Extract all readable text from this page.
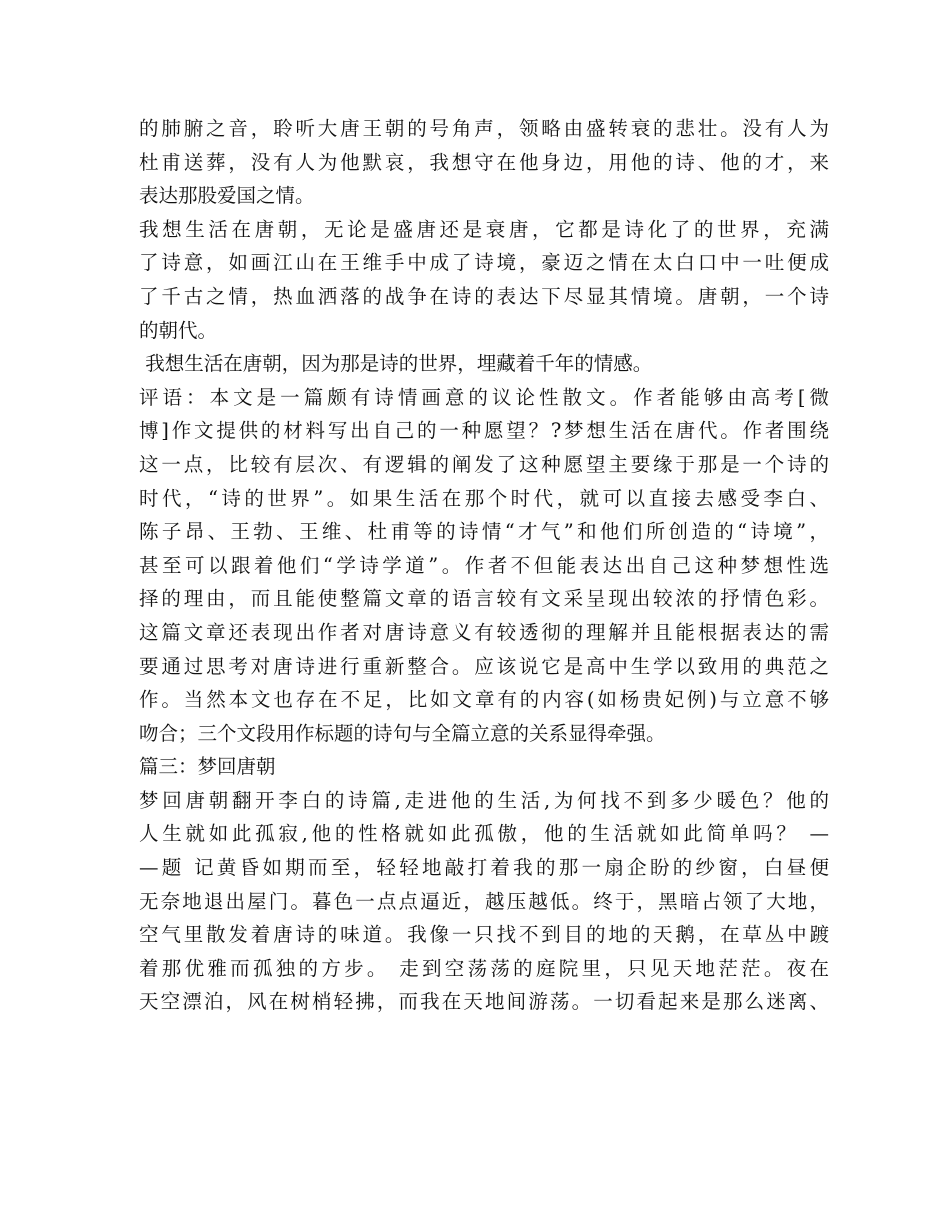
的肺腑之音，聆听大唐王朝的号角声，领略由盛转衰的悲壮。没有人为
杜甫送葬，没有人为他默哀，我想守在他身边，用他的诗、他的才，来
表达那股爱国之情。
我想生活在唐朝，无论是盛唐还是衰唐，它都是诗化了的世界，充满
了诗意，如画江山在王维手中成了诗境，豪迈之情在太白口中一吐便成
了千古之情，热血洒落的战争在诗的表达下尽显其情境。唐朝，一个诗
的朝代。
我想生活在唐朝，因为那是诗的世界，埋藏着千年的情感。
评语：本文是一篇颇有诗情画意的议论性散文。作者能够由高考[微
博]作文提供的材料写出自己的一种愿望？?梦想生活在唐代。作者围绕
这一点，比较有层次、有逻辑的阐发了这种愿望主要缘于那是一个诗的
时代，“诗的世界”。如果生活在那个时代，就可以直接去感受李白、
陈子昂、王勃、王维、杜甫等的诗情“才气”和他们所创造的“诗境”，
甚至可以跟着他们“学诗学道”。作者不但能表达出自己这种梦想性选
择的理由，而且能使整篇文章的语言较有文采呈现出较浓的抒情色彩。
这篇文章还表现出作者对唐诗意义有较透彻的理解并且能根据表达的需
要通过思考对唐诗进行重新整合。应该说它是高中生学以致用的典范之
作。当然本文也存在不足，比如文章有的内容(如杨贵妃例)与立意不够
吻合；三个文段用作标题的诗句与全篇立意的关系显得牵强。
篇三：梦回唐朝
梦回唐朝翻开李白的诗篇,走进他的生活,为何找不到多少暖色？他的
人生就如此孤寂,他的性格就如此孤傲，他的生活就如此简单吗？ —
—题 记黄昏如期而至，轻轻地敲打着我的那一扇企盼的纱窗，白昼便
无奈地退出屋门。暮色一点点逼近，越压越低。终于，黑暗占领了大地，
空气里散发着唐诗的味道。我像一只找不到目的地的天鹅，在草丛中踱
着那优雅而孤独的方步。 走到空荡荡的庭院里，只见天地茫茫。夜在
天空漂泊，风在树梢轻拂，而我在天地间游荡。一切看起来是那么迷离、
